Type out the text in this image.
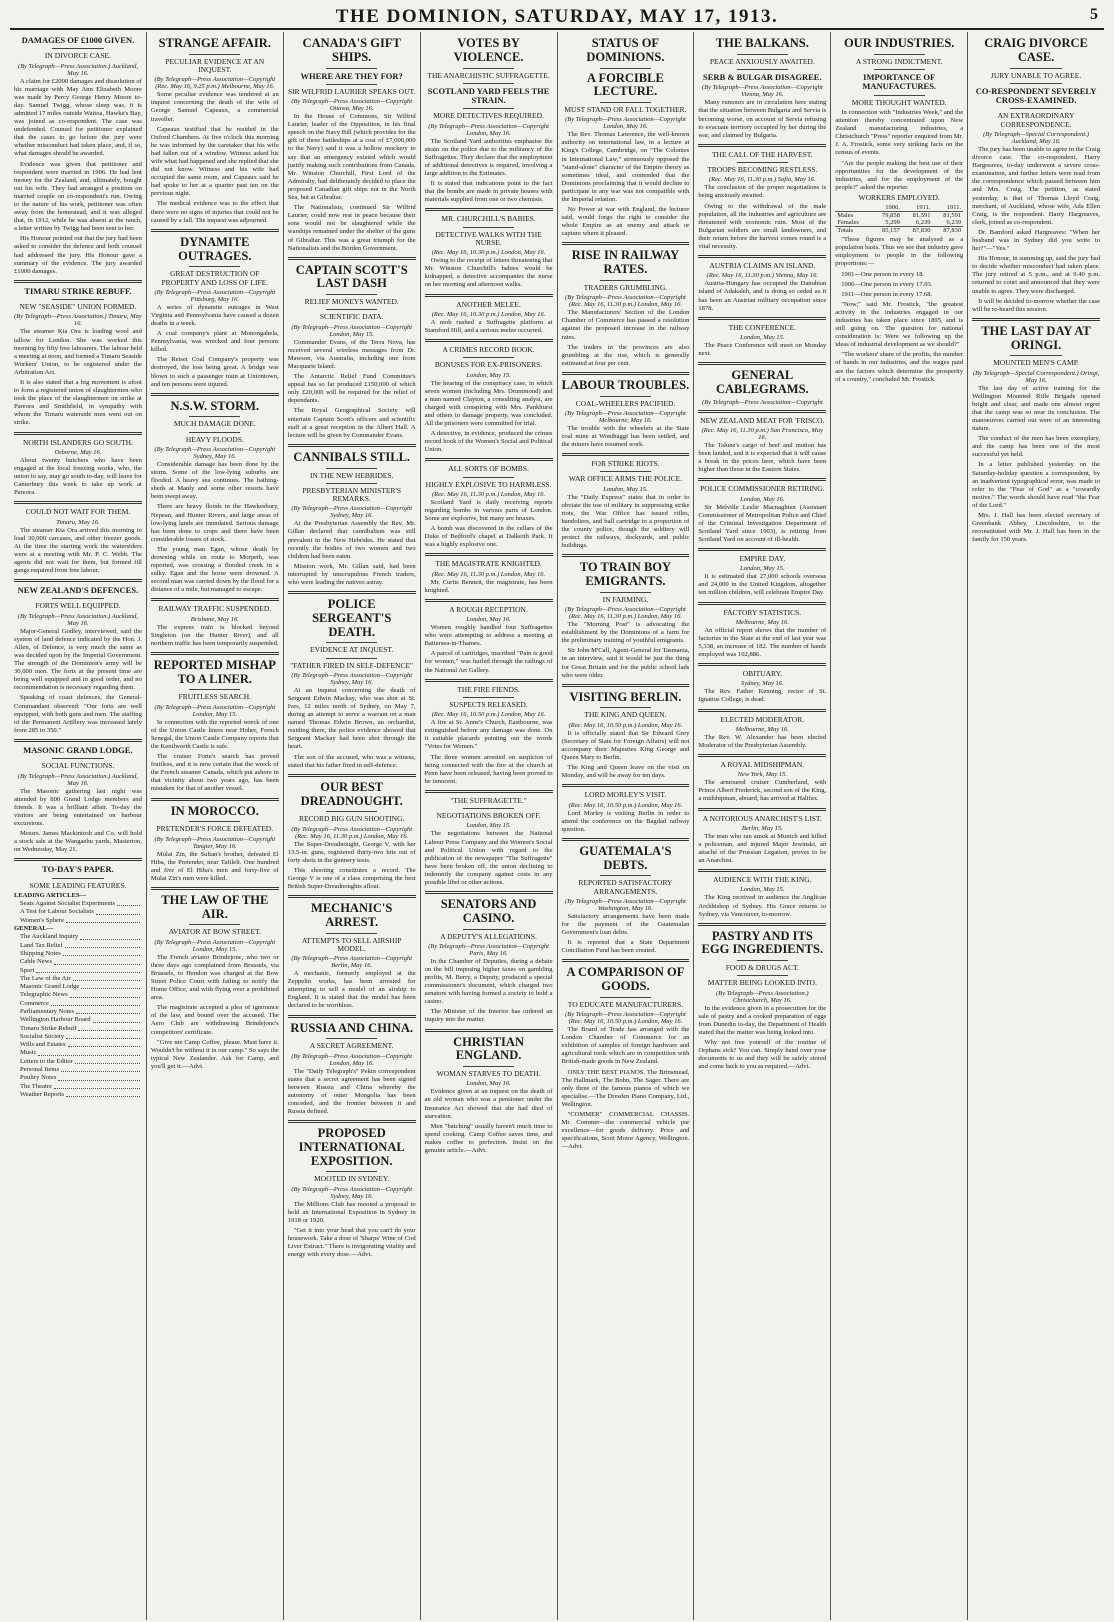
THE DOMINION, SATURDAY, MAY 17, 1913.	5
DAMAGES OF £1000 GIVEN.
IN DIVORCE CASE.
(By Telegraph—Press Association.) Auckland, May 16.

A claim for £2000 damages and dissolution of his marriage with May Ann Elizabeth Moore was made by Percy George Henry Moore to-day. Samuel Twigg, whose sleep was, it is admitted 17 miles outside Waitoa, Hawke's Bay, was joined as co-respondent. The case was undefended. Counsel for petitioner explained that the cases to go before the jury were whether misconduct had taken place, and, if so, what damages should be awarded.

Evidence was given that petitioner and respondent were married in 1906. He had lent money for the Zealand, and, ultimately, bought out his wife. They had arranged a position on married couple on co-respondent's run. Owing to the nature of his work, petitioner was often away from the homestead, and it was alleged that, in 1912, while he was absent at the ranch, a letter written by Twigg had been sent to her.

His Honour pointed out that the jury had been asked to consider the defence and both counsel had addressed the jury. His Honour gave a summary of the evidence. The jury awarded £1000 damages.

TIMARU STRIKE REBUFF.
NEW "SEASIDE" UNION FORMED.
(By Telegraph—Press Association.) Timaru, May 16.

The steamer Kia Ora is loading wool and tallow for London. She was worked this morning by fifty free labourers. The labour held a meeting at noon, and formed a Timaru Seaside Workers' Union, to be registered under the Arbitration Act.

It is also stated that a big movement is afoot to form a registered union of slaughtermen who took the place of the slaughtermen on strike at Pareora and Smithfield, in sympathy with whom the Timaru waterside men went out on strike.

NORTH ISLANDERS GO SOUTH.
Osborne, May 16.

About twenty butchers who have been engaged at the local freezing works, who, the union to say, may go south to-day, will leave for Canterbury this week to take up work at Pareora.

COULD NOT WAIT FOR THEM.
Timaru, May 16.

The steamer Kia Ora arrived this morning to load 30,000 carcases, and other freezer goods. At the time the starting work the watersiders were at a meeting with Mr. P. C. Webb. The agents did not wait for them, but formed fill gangs required from free labour.

NEW ZEALAND'S DEFENCES.
FORTS WELL EQUIPPED.
(By Telegraph—Press Association.) Auckland, May 16.

Major-General Godley, interviewed, said the system of land defence indicated by the Hon. J. Allen, of Defence, is very much the same as was decided upon by the Imperial Government. The strength of the Dominion's army will be 30,000 men. The forts at the present time are being well equipped and in good order, and no recommendation is necessary regarding them.

Speaking of coast defences, the General-Commandant observed: "Our forts are well equipped, with both guns and men. The staffing of the Permanent Artillery was increased lately from 285 to 350."

MASONIC GRAND LODGE.
SOCIAL FUNCTIONS.
(By Telegraph—Press Association.) Auckland, May 16.

The Masonic gathering last night was attended by 800 Grand Lodge members and friends. It was a brilliant affair. To-day the visitors are being entertained on harbour excursions.

Messrs. James Mackintosh and Co. will hold a stock sale at the Wangaehu yards, Masterton, on Wednesday, May 21.

TO-DAY'S PAPER.
SOME LEADING FEATURES.
LEADING ARTICLES—
Seats Against Socialist Experiments
A Test for Labour Socialists
Women's Sphere
GENERAL—
The Auckland Inquiry
Land Tax Relief
Shipping Notes
Cable News
Sport
The Law of the Air
Masonic Grand Lodge
Telegraphic News
Commerce
Parliamentary Notes
Wellington Harbour Board
Timaru Strike Rebuff
Socialist Society
Wills and Estates
Music
Letters to the Editor
Personal Items
Poultry Notes
The Theatre
Weather Reports
STRANGE AFFAIR.
PECULIAR EVIDENCE AT AN INQUEST.
(By Telegraph—Press Association—Copyright (Rec. May 16, 9.25 p.m.) Melbourne, May 16.

Some peculiar evidence was tendered at an inquest concerning the death of the wife of George Samuel Capeaux, a commercial traveller.

Capeaux testified that he resided in the Oxford Chambers. At five o'clock this morning he was informed by the caretaker that his wife had fallen out of a window. Witness asked his wife what had happened and she replied that she did not know. Witness and his wife had occupied the same room, and Capeaux said he had spoke to her at a quarter past ten on the previous night.

The medical evidence was to the effect that there were no signs of injuries that could not be caused by a fall. The inquest was adjourned.

DYNAMITE OUTRAGES.
GREAT DESTRUCTION OF PROPERTY AND LOSS OF LIFE.
(By Telegraph—Press Association—Copyright Pittsburg, May 16.

A series of dynamite outrages in West Virginia and Pennsylvania have caused a dozen deaths in a week.

A coal company's plant at Monongahela, Pennsylvania, was wrecked and four persons killed.

The Reiset Coal Company's property was destroyed, the loss being great. A bridge was blown to such a passenger train at Uniontown, and ten persons were injured.

N.S.W. STORM.
MUCH DAMAGE DONE.
HEAVY FLOODS.
(By Telegraph—Press Association—Copyright Sydney, May 16.

Considerable damage has been done by the storm. Some of the low-lying suburbs are flooded. A heavy sea continues. The bathing-sheds at Manly and some other resorts have been swept away.

There are heavy floods in the Hawkesbury, Nepean, and Hunter Rivers, and large areas of low-lying lands are inundated. Serious damage has been done to crops and there have been considerable losses of stock.

The young man Egan, whose death by drowning while en route to Morpeth, was reported, was crossing a flooded creek in a sulky. Egan and the horse were drowned. A second man was carried down by the flood for a distance of a mile, but managed to escape.

RAILWAY TRAFFIC SUSPENDED.
Brisbane, May 16.

The express train is blocked beyond Singleton (on the Hunter River), and all northern traffic has been temporarily suspended.

REPORTED MISHAP TO A LINER.
FRUITLESS SEARCH.
(By Telegraph—Press Association—Copyright London, May 15.

In connection with the reported wreck of one of the Union Castle liners near Hoher, French Senegal, the Union Castle Company reports that the Kenilworth Castle is safe.

The cruiser Forte's search has proved fruitless, and it is now certain that the wreck of the French steamer Canada, which put ashore in that vicinity about two years ago, has been mistaken for that of another vessel.

IN MOROCCO.
PRETENDER'S FORCE DEFEATED.
(By Telegraph—Press Association—Copyright Tangier, May 16.

Mulai Zin, the Sultan's brother, defeated El Hiba, the Pretender, near Tafilelt. One hundred and five of El Hiba's men and forty-five of Mulai Zin's men were killed.

THE LAW OF THE AIR.
AVIATOR AT BOW STREET.
(By Telegraph—Press Association—Copyright London, May 15.

The French aviator Brindejonc, who two or three days ago complained from Brussels, via Brussels, to Hendon was charged at the Bow Street Police Court with failing to notify the Home Office, and with flying over a prohibited area.

The magistrate accepted a plea of ignorance of the law, and bound over the accused. The Aero Club are withdrawing Brindejonc's competitors' certificate.

"Give me Camp Coffee, please. Must have it. Wouldn't be without it in our camp." So says the typical New Zealander. Ask for Camp, and you'll get it.—Advt.

CANADA'S GIFT SHIPS.
WHERE ARE THEY FOR?
SIR WILFRID LAURIER SPEAKS OUT.
(By Telegraph—Press Association—Copyright Ottawa, May 16.

In the House of Commons, Sir Wilfrid Laurier, leader of the Opposition, in his final speech on the Navy Bill (which provides for the gift of three battleships at a cost of £7,000,000 to the Navy) said it was a hollow mockery to say that an emergency existed which would justify making such contributions from Canada. Mr. Winston Churchill, First Lord of the Admiralty, had deliberately decided to place the proposed Canadian gift ships not in the North Sea, but at Gibraltar.

The Nationalists, continued Sir Wilfrid Laurier, could now rest in peace because their sons would not be slaughtered while the warships remained under the shelter of the guns of Gibraltar. This was a great triumph for the Nationalists and the Borden Government.

CAPTAIN SCOTT'S LAST DASH
RELIEF MONEYS WANTED.
SCIENTIFIC DATA.
(By Telegraph—Press Association—Copyright London, May 15.

Commander Evans, of the Terra Nova, has received several wireless messages from Dr. Mawson, via Australia, including one from Macquarie Island.

The Antarctic Relief Fund Committee's appeal has so far produced £150,000 of which only £20,000 will be required for the relief of dependants.

The Royal Geographical Society will entertain Captain Scott's officers and scientific staff at a great reception in the Albert Hall. A lecture will be given by Commander Evans.

CANNIBALS STILL.
IN THE NEW HEBRIDES.
PRESBYTERIAN MINISTER'S REMARKS.
(By Telegraph—Press Association—Copyright Sydney, May 16.

At the Presbyterian Assembly the Rev. Mr. Gillan declared that cannibalism was still prevalent in the New Hebrides. He stated that recently the bodies of two women and two children had been eaten.

Mission work, Mr. Gillan said, had been interrupted by unscrupulous French traders, who were leading the natives astray.

POLICE SERGEANT'S DEATH.
EVIDENCE AT INQUEST.
"FATHER FIRED IN SELF-DEFENCE"
(By Telegraph—Press Association—Copyright Sydney, May 16.

At an inquest concerning the death of Sergeant Edwin Mackay, who was shot at St. Ives, 12 miles north of Sydney, on May 7, during an attempt to serve a warrant on a man named Thomas Edwin Brown, an orchardist, residing there, the police evidence showed that Sergeant Mackay had been shot through the heart.

The son of the accused, who was a witness, stated that his father fired in self-defence.

OUR BEST DREADNOUGHT.
RECORD BIG GUN SHOOTING.
(By Telegraph—Press Association—Copyright (Rec. May 16, 11.30 p.m.) London, May 16.

The Super-Dreadnought, George V, with her 13.5-in. guns, registered thirty-two hits out of forty shots in the gunnery tests.

This shooting constitutes a record. The George V is one of a class comprising the best British Super-Dreadnoughts afloat.

MECHANIC'S ARREST.
ATTEMPTS TO SELL AIRSHIP MODEL.
(By Telegraph—Press Association—Copyright Berlin, May 16.

A mechanic, formerly employed at the Zeppelin works, has been arrested for attempting to sell a model of an airship to England. It is stated that the model has been declared to be worthless.

RUSSIA AND CHINA.
A SECRET AGREEMENT.
(By Telegraph—Press Association—Copyright London, May 16.

The "Daily Telegraph's" Pekin correspondent states that a secret agreement has been signed between Russia and China whereby the autonomy of outer Mongolia has been conceded, and the frontier between it and Russia defined.

PROPOSED INTERNATIONAL EXPOSITION.
MOOTED IN SYDNEY.
(By Telegraph—Press Association—Copyright Sydney, May 16.

The Millions Club has mooted a proposal to hold an International Exposition in Sydney in 1918 or 1920.

"Get it into your head that you can't do your housework. Take a dose of 'Sharps' Wine of Cod Liver Extract." There is invigorating vitality and energy with every dose.—Advt.

VOTES BY VIOLENCE.
THE ANARCHISTIC SUFFRAGETTE.
SCOTLAND YARD FEELS THE STRAIN.
MORE DETECTIVES REQUIRED.
(By Telegraph—Press Association—Copyright London, May 16.

The Scotland Yard authorities emphasise the strain on the police due to the militancy of the Suffragettes. They declare that the employment of additional detectives is required, involving a large addition to the Estimates.

It is stated that indications point to the fact that the bombs are made in private houses with materials supplied from one or two chemists.

MR. CHURCHILL'S BABIES.
DETECTIVE WALKS WITH THE NURSE.
(Rec. May 16, 10.30 p.m.) London, May 16.

Owing to the receipt of letters threatening that Mr. Winston Churchill's babies would be kidnapped, a detective accompanies the nurse on her morning and afternoon walks.

ANOTHER MELEE.
(Rec. May 16, 10.30 p.m.) London, May 16.

A mob rushed a Suffragette platform at Stamford Hill, and a serious melee occurred.

A CRIMES RECORD BOOK.
BONUSES FOR EX-PRISONERS.
London, May 15.

The hearing of the conspiracy case, in which seven women (including Mrs. Drummond) and a man named Clayton, a consulting analyst, are charged with conspiring with Mrs. Pankhurst and others to damage property, was concluded. All the prisoners were committed for trial.

A detective, in evidence, produced the crimes record book of the Women's Social and Political Union.

ALL SORTS OF BOMBS.
HIGHLY EXPLOSIVE TO HARMLESS.
(Rec. May 16, 11.30 p.m.) London, May 16.

Scotland Yard is daily receiving reports regarding bombs in various parts of London. Some are explosive, but many are hoaxes.

A bomb was discovered in the cellars of the Duke of Bedford's chapel at Dalkeith Park. It was a highly explosive one.

THE MAGISTRATE KNIGHTED.
(Rec. May 16, 11.30 p.m.) London, May 16.

Mr. Curtis Bennett, the magistrate, has been knighted.

A ROUGH RECEPTION.
London, May 16.

Women roughly handled four Suffragettes who were attempting to address a meeting at Battersea-in-Thames.

A parcel of cartridges, inscribed "Pain is good for women," was hurled through the railings of the National Art Gallery.

THE FIRE FIENDS.
SUSPECTS RELEASED.
(Rec. May 16, 10.50 p.m.) London, May 16.

A fire at St. Anne's Church, Eastbourne, was extinguished before any damage was done. On it suitable placards pointing out the words "Votes for Women."

The three women arrested on suspicion of being connected with the fire at the church at Penn have been released, having been proved to be innocent.

"THE SUFFRAGETTE."
NEGOTIATIONS BROKEN OFF.
London, May 15.

The negotiations between the National Labour Press Company and the Women's Social and Political Union with regard to the publication of the newspaper "The Suffragette" have been broken off, the union declining to indemnify the company against costs in any possible libel or other actions.

SENATORS AND CASINO.
A DEPUTY'S ALLEGATIONS.
(By Telegraph—Press Association—Copyright Paris, May 16.

In the Chamber of Deputies, during a debate on the bill imposing higher taxes on gambling profits, M. Berry, a Deputy, produced a special commissioner's document, which charged two senators with having formed a society to hold a casino.

The Minister of the Interior has ordered an inquiry into the matter.

CHRISTIAN ENGLAND.
WOMAN STARVES TO DEATH.
London, May 16.

Evidence given at an inquest on the death of an old woman who was a pensioner under the Insurance Act showed that she had died of starvation.

Men "batching" usually haven't much time to spend cooking. Camp Coffee saves time, and makes coffee to perfection. Insist on the genuine article.—Advt.

STATUS OF DOMINIONS.
A FORCIBLE LECTURE.
MUST STAND OR FALL TOGETHER.
(By Telegraph—Press Association—Copyright London, May 16.

The Rev. Thomas Lawrence, the well-known authority on international law, in a lecture at King's College, Cambridge, on "The Colonies in International Law," strenuously opposed the "stand-alone" character of the Empire theory as sometimes ideal, and contended that the Dominions proclaiming that it would decline to participate in any war was not compatible with the Imperial relation.

No Power at war with England, the lecturer said, would forgo the right to consider the whole Empire as an enemy and attack or capture where it pleased.

RISE IN RAILWAY RATES.
TRADERS GRUMBLING.
(By Telegraph—Press Association—Copyright (Rec. May 16, 11.30 p.m.) London, May 16.

The Manufacturers' Section of the London Chamber of Commerce has passed a resolution against the proposed increase in the railway rates.

The traders in the provinces are also grumbling at the rise, which is generally estimated at four per cent.

LABOUR TROUBLES.
COAL-WHEELERS PACIFIED.
(By Telegraph—Press Association—Copyright Melbourne, May 16.

The trouble with the wheelers at the State coal mine at Wonthaggi has been settled, and the miners have resumed work.

FOR STRIKE RIOTS.
WAR OFFICE ARMS THE POLICE.
London, May 15.

The "Daily Express" states that in order to obviate the use of military in suppressing strike riots, the War Office has issued rifles, bandoliers, and ball cartridge to a proportion of the county police, though the soldiery will protect the railways, dockyards, and public buildings.

TO TRAIN BOY EMIGRANTS.
IN FARMING.
(By Telegraph—Press Association—Copyright (Rec. May 16, 11.30 p.m.) London, May 16.

The "Morning Post" is advocating the establishment by the Dominions of a farm for the preliminary training of youthful emigrants.

Sir John M'Call, Agent-General for Tasmania, in an interview, said it would be just the thing for Great Britain and for the public school lads who were older.

VISITING BERLIN.
THE KING AND QUEEN.
(Rec. May 16, 10.50 p.m.) London, May 16.

It is officially stated that Sir Edward Grey (Secretary of State for Foreign Affairs) will not accompany their Majesties King George and Queen Mary to Berlin.

The King and Queen leave on the visit on Monday, and will be away for ten days.

LORD MORLEY'S VISIT.
(Rec. May 16, 10.50 p.m.) London, May 16.

Lord Morley is visiting Berlin in order to attend the conference on the Bagdad railway question.

GUATEMALA'S DEBTS.
REPORTED SATISFACTORY ARRANGEMENTS.
(By Telegraph—Press Association—Copyright Washington, May 16.

Satisfactory arrangements have been made for the payment of the Guatemalan Government's loan debts.

It is reported that a State Department Conciliation Fund has been created.

A COMPARISON OF GOODS.
TO EDUCATE MANUFACTURERS.
(By Telegraph—Press Association—Copyright (Rec. May 16, 10.50 p.m.) London, May 16.

The Board of Trade has arranged with the London Chamber of Commerce for an exhibition of samples of foreign hardware and agricultural tools which are in competition with British-made goods in New Zealand.

ONLY THE BEST PIANOS. The Brinsmead, The Hallmark, The Bohn, The Sager. There are only three of the famous pianos of which we specialise.—The Dresden Piano Company, Ltd., Wellington.

"COMMER" COMMERCIAL CHASSIS. Mr. Commer—the commercial vehicle par excellence—for goods delivery. Price and specifications, Scott Motor Agency, Wellington.—Advt.

THE BALKANS.
PEACE ANXIOUSLY AWAITED.
SERB & BULGAR DISAGREE.
(By Telegraph—Press Association—Copyright Vienna, May 16.

Many rumours are in circulation here stating that the situation between Bulgaria and Servia is becoming worse, on account of Servia refusing to evacuate territory occupied by her during the war, and claimed by Bulgaria.

THE CALL OF THE HARVEST.
TROOPS BECOMING RESTLESS.
(Rec. May 16, 11.30 p.m.) Sofia, May 16.

The conclusion of the proper negotiations is being anxiously awaited.

Owing to the withdrawal of the male population, all the industries and agriculture are threatened with economic ruin. Most of the Bulgarian soldiers are small landowners, and their return before the harvest comes round is a vital necessity.

AUSTRIA CLAIMS AN ISLAND.
(Rec. May 16, 11.30 p.m.) Vienna, May 16.

Austria-Hungary has occupied the Danubian island of Adakaleh, and is doing so ceded as it has been an Austrian military occupation since 1878.

THE CONFERENCE.
London, May 15.

The Peace Conference will meet on Monday next.

GENERAL CABLEGRAMS.
(By Telegraph—Press Association—Copyright
NEW ZEALAND MEAT FOR 'FRISCO.
(Rec. May 16, 11.30 p.m.) San Francisco, May 16.

The Talune's cargo of beef and mutton has been landed, and it is expected that it will cause a break in the prices here, which have been higher than those in the Eastern States.

POLICE COMMISSIONER RETIRING.
London, May 16.

Sir Melville Leslie Macnaghten (Assistant Commissioner of Metropolitan Police and Chief of the Criminal Investigation Department of Scotland Yard since 1903), is retiring from Scotland Yard on account of ill-health.

EMPIRE DAY.
London, May 15.

It is estimated that 27,000 schools overseas and 24,000 in the United Kingdom, altogether ten million children, will celebrate Empire Day.

FACTORY STATISTICS.
Melbourne, May 16.

An official report shows that the number of factories in the State at the end of last year was 5,338, an increase of 182. The number of hands employed was 102,886.

OBITUARY.
Sydney, May 16.

The Rev. Father Kenning, rector of St. Ignatius College, is dead.

ELECTED MODERATOR.
Melbourne, May 16.

The Rev. W. Alexander has been elected Moderator of the Presbyterian Assembly.

A ROYAL MIDSHIPMAN.
New York, May 15.

The armoured cruiser Cumberland, with Prince Albert Frederick, second son of the King, a midshipman, aboard, has arrived at Halifax.

A NOTORIOUS ANARCHIST'S LIST.
Berlin, May 15.

The man who ran amok at Munich and killed a policeman, and injured Major Jewinski, an attaché of the Prussian Legation, proves to be an Anarchist.

AUDIENCE WITH THE KING.
London, May 15.

The King received in audience the Anglican Archbishop of Sydney. His Grace returns to Sydney, via Vancouver, to-morrow.

PASTRY AND ITS EGG INGREDIENTS.
FOOD & DRUGS ACT.
MATTER BEING LOOKED INTO.
(By Telegraph—Press Association.) Christchurch, May 16.

In the evidence given in a prosecution for the sale of pastry and a cooked preparation of eggs from Dunedin to-day, the Department of Health stated that the matter was being looked into.

Why not free yourself of the routine of Orphans sick? You can. Simply hand over your documents to us and they will be safely stored and come back to you as required.—Advt.

OUR INDUSTRIES.
A STRONG INDICTMENT.
IMPORTANCE OF MANUFACTURES.
MORE THOUGHT WANTED.

In connection with "Industries Week," and the attention thereby concentrated upon New Zealand manufacturing industries, a Christchurch "Press" reporter enquired from Mr. J. A. Frostick, some very striking facts on the census of events.

"Are the people making the best use of their opportunities for the development of the industries, and for the employment of the people?" asked the reporter.

WORKERS EMPLOYED.
	1906.	1911.	1911.
Males	79,858	81,591	81,591
Females	5,299	6,239	6,239
Totals	85,157	87,830	87,830

"These figures may be analysed as a population basis. Thus we see that industry gave employment to people in the following proportions:—

1901—One person in every 18.

1906—One person in every 17.03.

1911—One person in every 17.68.

"Now," said Mr. Frostick, "the greatest activity in the industries engaged in our industries has taken place since 1895, and is still going on. The question for national consideration is: Were we following up the ideas of industrial development as we should?"

"The workers' share of the profits, the number of hands in our industries, and the wages paid are the factors which determine the prosperity of a country," concluded Mr. Frostick.

CRAIG DIVORCE CASE.
JURY UNABLE TO AGREE.
CO-RESPONDENT SEVERELY CROSS-EXAMINED.
AN EXTRAORDINARY CORRESPONDENCE.
(By Telegraph—Special Correspondent.) Auckland, May 16.

The jury has been unable to agree in the Craig divorce case. The co-respondent, Harry Hargreaves, to-day underwent a severe cross-examination, and further letters were read from the correspondence which passed between him and Mrs. Craig. The petition, as stated yesterday, is that of Thomas Lloyd Craig, merchant, of Auckland, whose wife, Ada Ellen Craig, is the respondent. Harry Hargreaves, clerk, joined as co-respondent.

Dr. Bamford asked Hargreaves: "When her husband was in Sydney did you write to her?"—"Yes."

His Honour, in summing up, said the jury had to decide whether misconduct had taken place. The jury retired at 5 p.m., and at 9.40 p.m. returned to court and announced that they were unable to agree. They were discharged.

It will be decided to-morrow whether the case will be re-heard this session.

THE LAST DAY AT ORINGI.
MOUNTED MEN'S CAMP.
(By Telegraph—Special Correspondent.) Oringi, May 16.

The last day of active training for the Wellington Mounted Rifle Brigade opened bright and clear, and made one almost regret that the camp was so near its conclusion. The manoeuvres carried out were of an interesting nature.

The conduct of the men has been exemplary, and the camp has been one of the most successful yet held.

In a letter published yesterday on the Saturday-holiday question a correspondent, by an inadvertent typographical error, was made to refer to the "Fear of God" as a "cowardly motive." The words should have read "the Fear of the Lord."

Mrs. J. Hall has been elected secretary of Greenbank Abbey, Lincolnshire, to the reconstituted with Mr. J. Hall has been in the family for 150 years.
